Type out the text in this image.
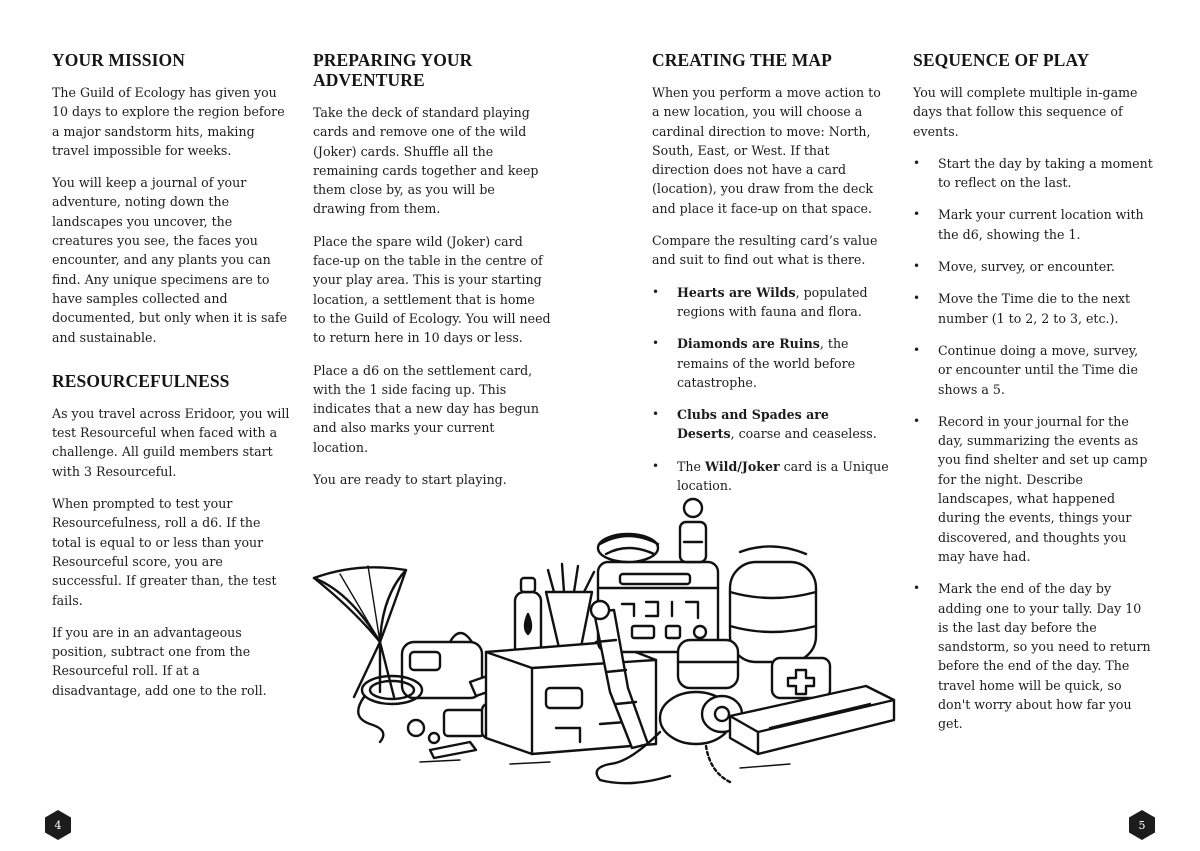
YOUR MISSION

The Guild of Ecology has given you 10 days to explore the region before a major sandstorm hits, making travel impossible for weeks.

You will keep a journal of your adventure, noting down the landscapes you uncover, the creatures you see, the faces you encounter, and any plants you can find. Any unique specimens are to have samples collected and documented, but only when it is safe and sustainable.

RESOURCEFULNESS

As you travel across Eridoor, you will test Resourceful when faced with a challenge. All guild members start with 3 Resourceful.

When prompted to test your Resourcefulness, roll a d6. If the total is equal to or less than your Resourceful score, you are successful. If greater than, the test fails.

If you are in an advantageous position, subtract one from the Resourceful roll. If at a disadvantage, add one to the roll.

PREPARING YOUR ADVENTURE

Take the deck of standard playing cards and remove one of the wild (Joker) cards. Shuffle all the remaining cards together and keep them close by, as you will be drawing from them.

Place the spare wild (Joker) card face-up on the table in the centre of your play area. This is your starting location, a settlement that is home to the Guild of Ecology. You will need to return here in 10 days or less.

Place a d6 on the settlement card, with the 1 side facing up. This indicates that a new day has begun and also marks your current location.

You are ready to start playing.

CREATING THE MAP

When you perform a move action to a new location, you will choose a cardinal direction to move: North, South, East, or West. If that direction does not have a card (location), you draw from the deck and place it face-up on that space.

Compare the resulting card’s value and suit to find out what is there.

• Hearts are Wilds, populated regions with fauna and flora.
• Diamonds are Ruins, the remains of the world before catastrophe.
• Clubs and Spades are Deserts, coarse and ceaseless.
• The Wild/Joker card is a Unique location.
SEQUENCE OF PLAY

You will complete multiple in-game days that follow this sequence of events.

• Start the day by taking a moment to reflect on the last.
• Mark your current location with the d6, showing the 1.
• Move, survey, or encounter.
• Move the Time die to the next number (1 to 2, 2 to 3, etc.).
• Continue doing a move, survey, or encounter until the Time die shows a 5.
• Record in your journal for the day, summarizing the events as you find shelter and set up camp for the night. Describe landscapes, what happened during the events, things your discovered, and thoughts you may have had.
• Mark the end of the day by adding one to your tally. Day 10 is the last day before the sandstorm, so you need to return before the end of the day. The travel home will be quick, so don't worry about how far you get.
4	5
